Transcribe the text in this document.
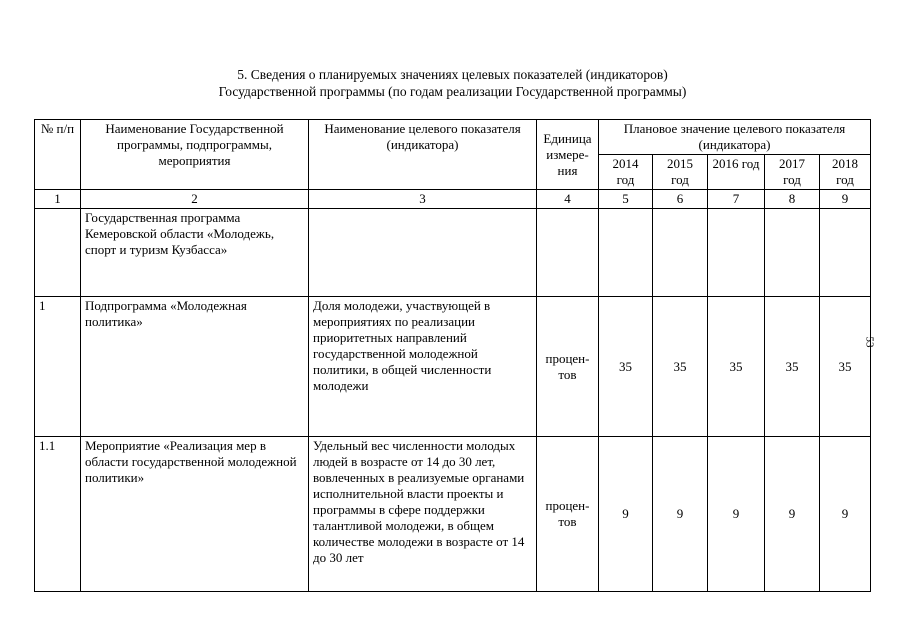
5. Сведения о планируемых значениях целевых показателей (индикаторов)
Государственной программы (по годам реализации Государственной программы)
53
№ п/п	Наименование Государственной программы, подпрограммы, мероприятия	Наименование целевого показателя (индикатора)	Единица измере-ния	Плановое значение целевого показателя (индикатора)				
				2014 год	2015 год	2016 год	2017 год	2018 год
1	2	3	4	5	6	7	8	9
	Государственная программа Кемеровской области «Молодежь, спорт и туризм Кузбасса»							
1	Подпрограмма «Молодежная политика»	Доля молодежи, участвующей в мероприятиях по реализации приоритетных направлений государственной молодежной политики, в общей численности молодежи	процен-тов	35	35	35	35	35
1.1	Мероприятие «Реализация мер в области государственной молодежной политики»	Удельный вес численности молодых людей в возрасте от 14 до 30 лет, вовлеченных в реализуемые органами исполнительной власти проекты и программы в сфере поддержки талантливой молодежи, в общем количестве молодежи в возрасте от 14 до 30 лет	процен-тов	9	9	9	9	9
